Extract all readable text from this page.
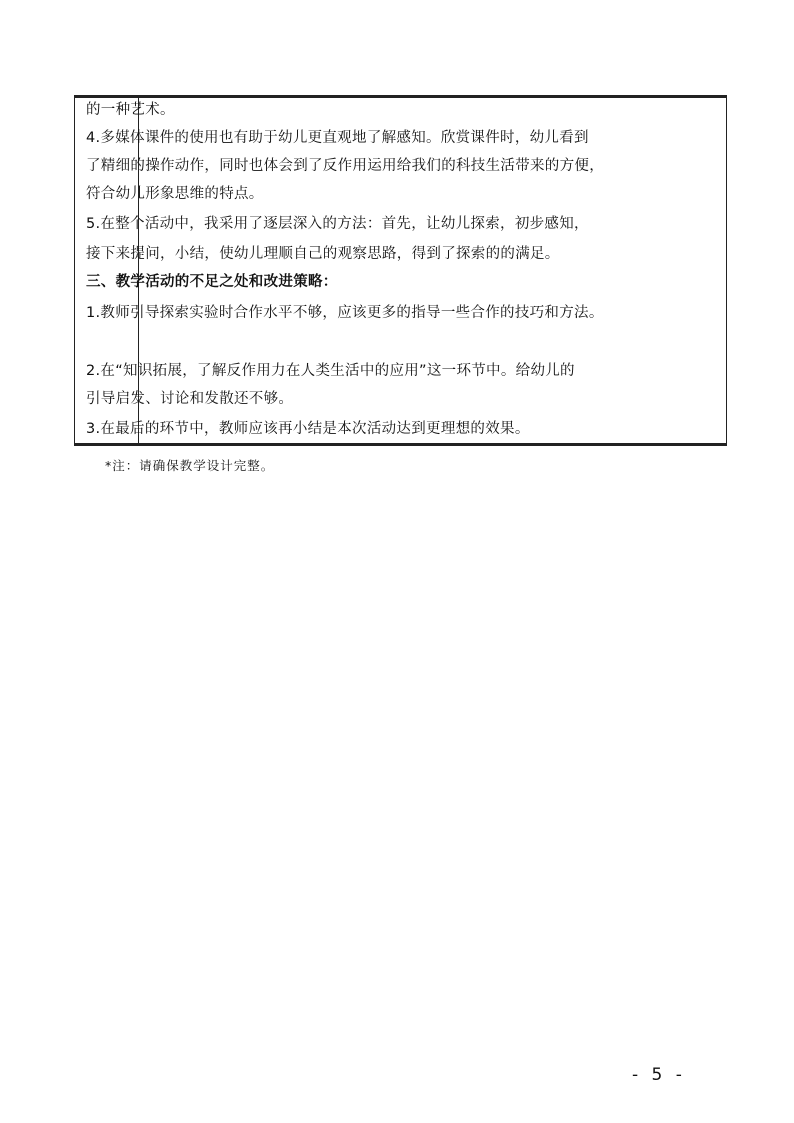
的一种艺术。
4.多媒体课件的使用也有助于幼儿更直观地了解感知。欣赏课件时，幼儿看到
了精细的操作动作，同时也体会到了反作用运用给我们的科技生活带来的方便，
符合幼儿形象思维的特点。
5.在整个活动中，我采用了逐层深入的方法：首先，让幼儿探索，初步感知，
接下来提问，小结，使幼儿理顺自己的观察思路，得到了探索的的满足。
三、教学活动的不足之处和改进策略：
1.教师引导探索实验时合作水平不够，应该更多的指导一些合作的技巧和方法。
2.在“知识拓展，了解反作用力在人类生活中的应用”这一环节中。给幼儿的
引导启发、讨论和发散还不够。
3.在最后的环节中，教师应该再小结是本次活动达到更理想的效果。
*注：请确保教学设计完整。
- 5 -
